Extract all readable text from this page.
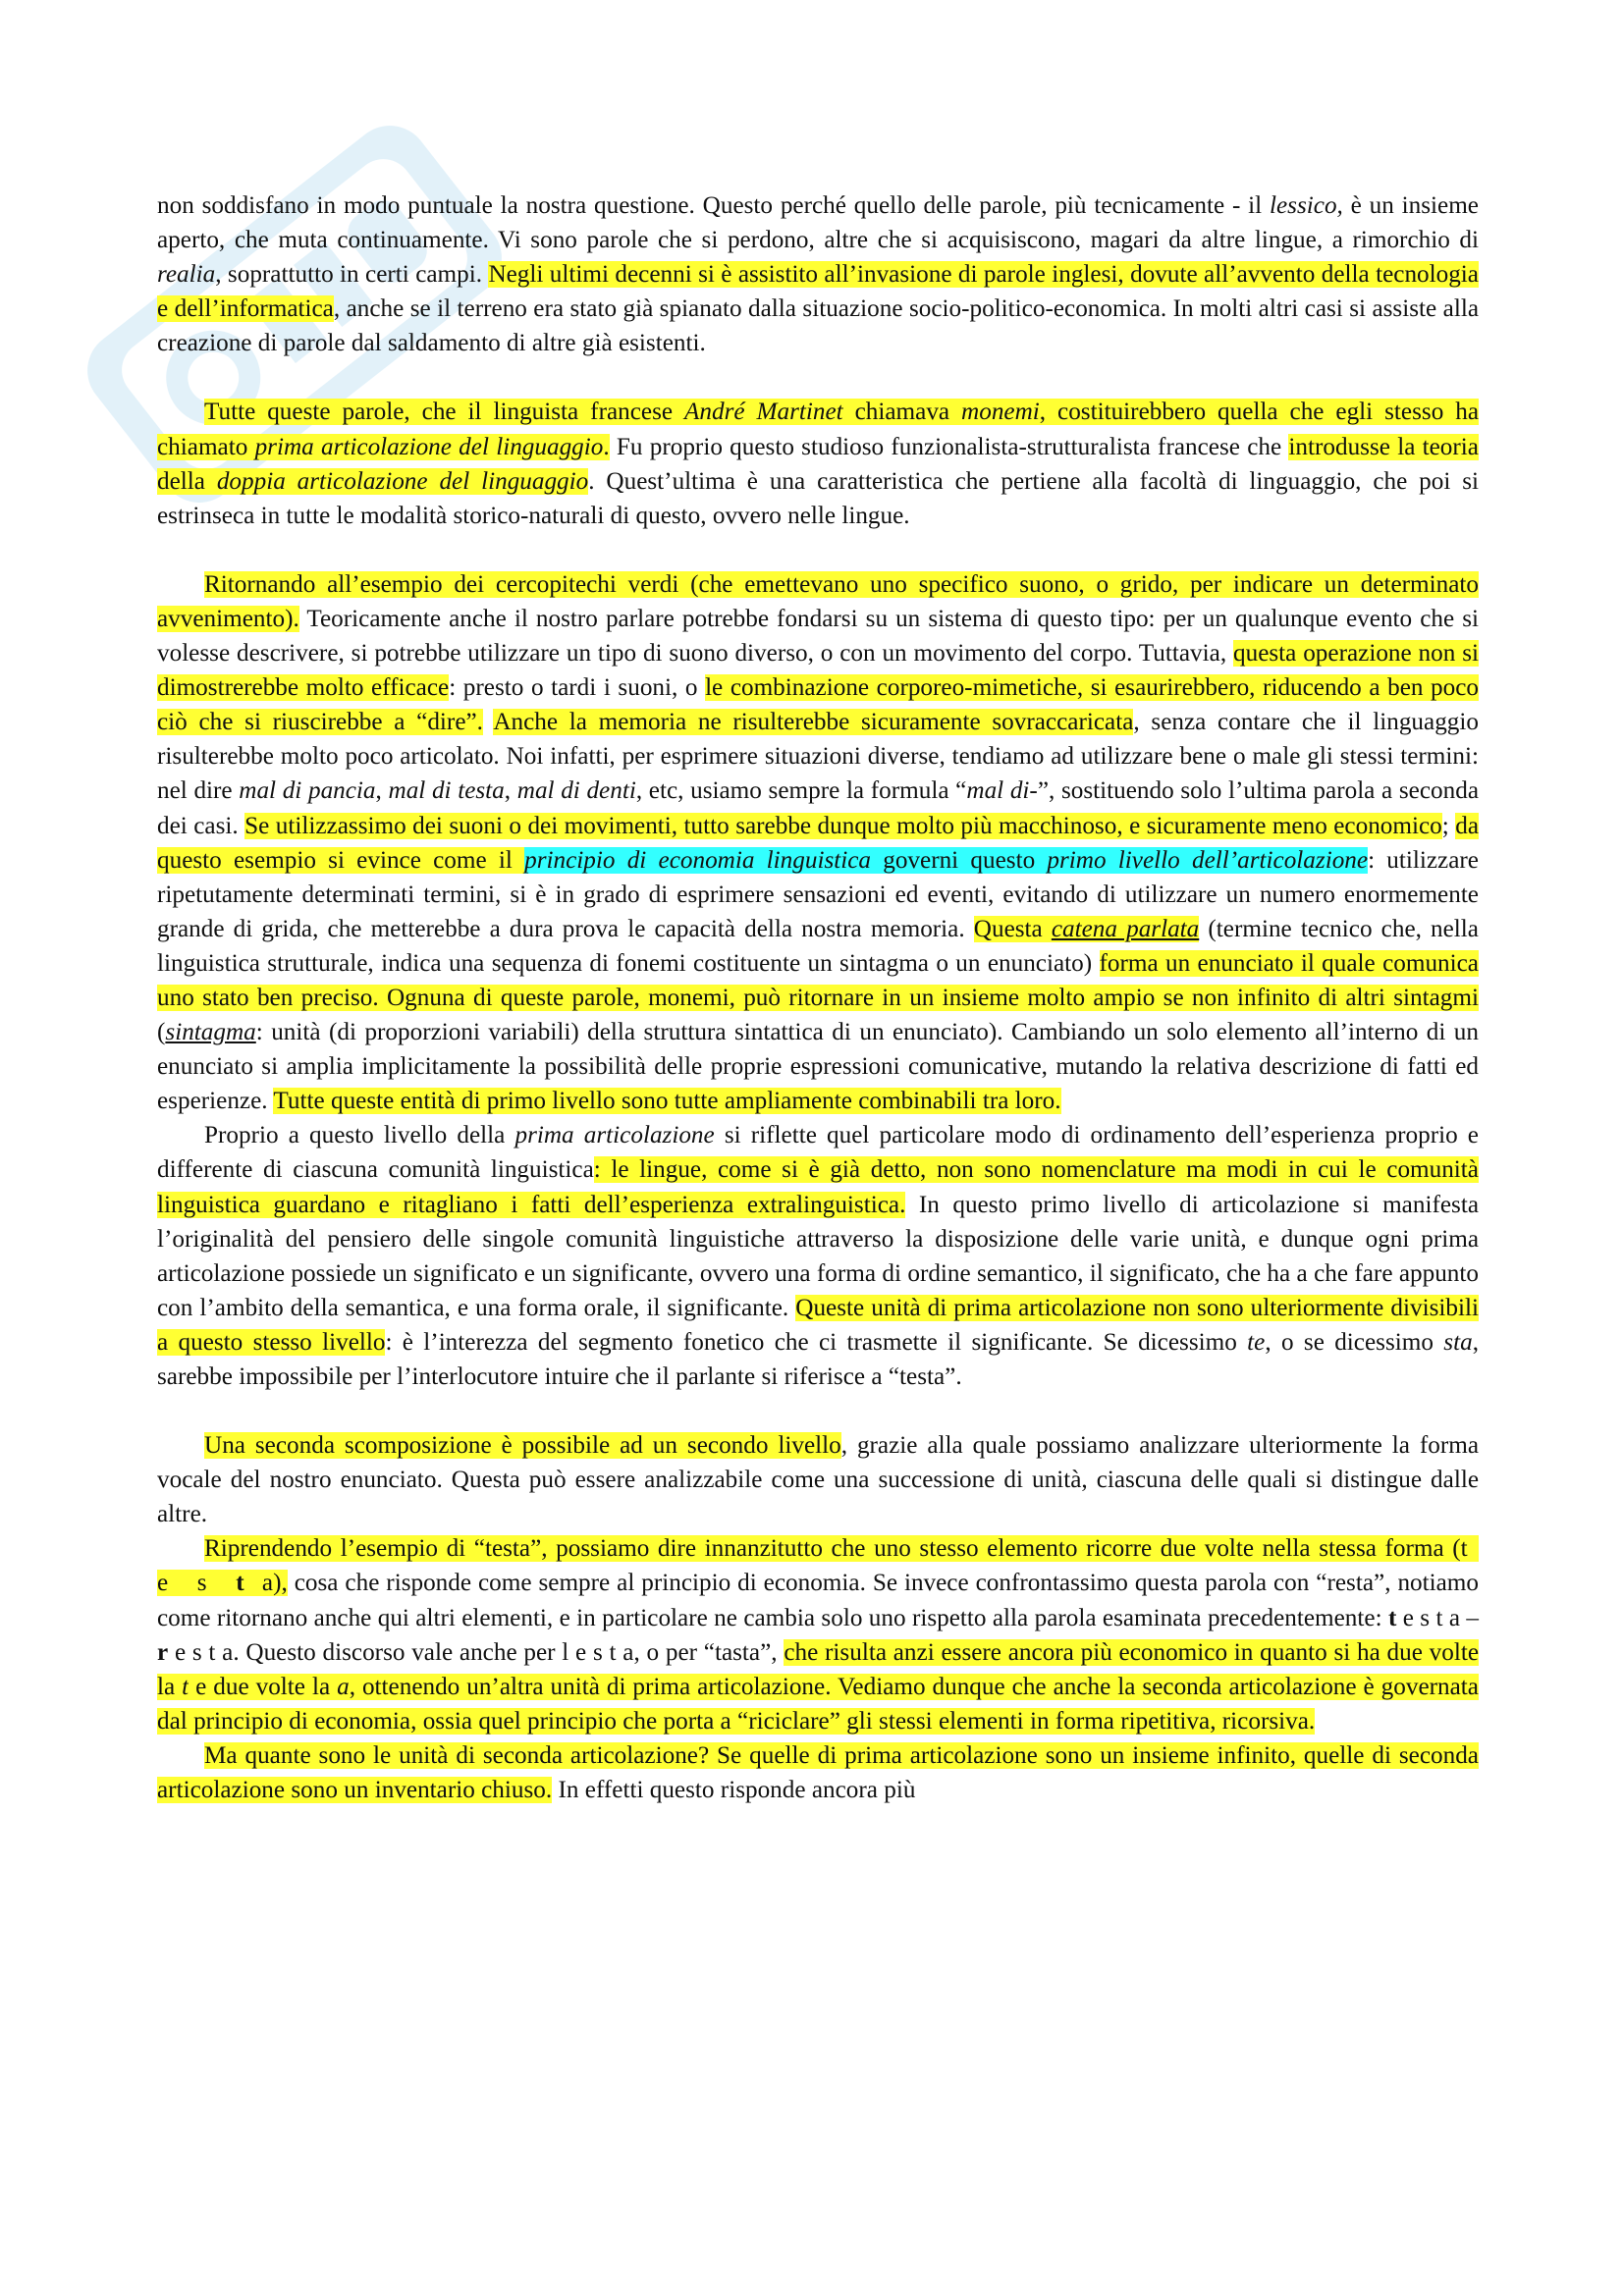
non soddisfano in modo puntuale la nostra questione. Questo perché quello delle parole, più tecnicamente - il lessico, è un insieme aperto, che muta continuamente. Vi sono parole che si perdono, altre che si acquisiscono, magari da altre lingue, a rimorchio di realia, soprattutto in certi campi. Negli ultimi decenni si è assistito all’invasione di parole inglesi, dovute all’avvento della tecnologia e dell’informatica, anche se il terreno era stato già spianato dalla situazione socio-politico-economica. In molti altri casi si assiste alla creazione di parole dal saldamento di altre già esistenti.

Tutte queste parole, che il linguista francese André Martinet chiamava monemi, costituirebbero quella che egli stesso ha chiamato prima articolazione del linguaggio. Fu proprio questo studioso funzionalista-strutturalista francese che introdusse la teoria della doppia articolazione del linguaggio. Quest’ultima è una caratteristica che pertiene alla facoltà di linguaggio, che poi si estrinseca in tutte le modalità storico-naturali di questo, ovvero nelle lingue.

Ritornando all’esempio dei cercopitechi verdi (che emettevano uno specifico suono, o grido, per indicare un determinato avvenimento). Teoricamente anche il nostro parlare potrebbe fondarsi su un sistema di questo tipo: per un qualunque evento che si volesse descrivere, si potrebbe utilizzare un tipo di suono diverso, o con un movimento del corpo. Tuttavia, questa operazione non si dimostrerebbe molto efficace: presto o tardi i suoni, o le combinazione corporeo-mimetiche, si esaurirebbero, riducendo a ben poco ciò che si riuscirebbe a “dire”. Anche la memoria ne risulterebbe sicuramente sovraccaricata, senza contare che il linguaggio risulterebbe molto poco articolato. Noi infatti, per esprimere situazioni diverse, tendiamo ad utilizzare bene o male gli stessi termini: nel dire mal di pancia, mal di testa, mal di denti, etc, usiamo sempre la formula “mal di-”, sostituendo solo l’ultima parola a seconda dei casi. Se utilizzassimo dei suoni o dei movimenti, tutto sarebbe dunque molto più macchinoso, e sicuramente meno economico; da questo esempio si evince come il principio di economia linguistica governi questo primo livello dell’articolazione: utilizzare ripetutamente determinati termini, si è in grado di esprimere sensazioni ed eventi, evitando di utilizzare un numero enormemente grande di grida, che metterebbe a dura prova le capacità della nostra memoria. Questa catena parlata (termine tecnico che, nella linguistica strutturale, indica una sequenza di fonemi costituente un sintagma o un enunciato) forma un enunciato il quale comunica uno stato ben preciso. Ognuna di queste parole, monemi, può ritornare in un insieme molto ampio se non infinito di altri sintagmi (sintagma: unità (di proporzioni variabili) della struttura sintattica di un enunciato). Cambiando un solo elemento all’interno di un enunciato si amplia implicitamente la possibilità delle proprie espressioni comunicative, mutando la relativa descrizione di fatti ed esperienze. Tutte queste entità di primo livello sono tutte ampliamente combinabili tra loro.

Proprio a questo livello della prima articolazione si riflette quel particolare modo di ordinamento dell’esperienza proprio e differente di ciascuna comunità linguistica: le lingue, come si è già detto, non sono nomenclature ma modi in cui le comunità linguistica guardano e ritagliano i fatti dell’esperienza extralinguistica. In questo primo livello di articolazione si manifesta l’originalità del pensiero delle singole comunità linguistiche attraverso la disposizione delle varie unità, e dunque ogni prima articolazione possiede un significato e un significante, ovvero una forma di ordine semantico, il significato, che ha a che fare appunto con l’ambito della semantica, e una forma orale, il significante. Queste unità di prima articolazione non sono ulteriormente divisibili a questo stesso livello: è l’interezza del segmento fonetico che ci trasmette il significante. Se dicessimo te, o se dicessimo sta, sarebbe impossibile per l’interlocutore intuire che il parlante si riferisce a “testa”.

Una seconda scomposizione è possibile ad un secondo livello, grazie alla quale possiamo analizzare ulteriormente la forma vocale del nostro enunciato. Questa può essere analizzabile come una successione di unità, ciascuna delle quali si distingue dalle altre.

Riprendendo l’esempio di “testa”, possiamo dire innanzitutto che uno stesso elemento ricorre due volte nella stessa forma (t e s t a), cosa che risponde come sempre al principio di economia. Se invece confrontassimo questa parola con “resta”, notiamo come ritornano anche qui altri elementi, e in particolare ne cambia solo uno rispetto alla parola esaminata precedentemente: t e s t a – r e s t a. Questo discorso vale anche per l e s t a, o per “tasta”, che risulta anzi essere ancora più economico in quanto si ha due volte la t e due volte la a, ottenendo un’altra unità di prima articolazione. Vediamo dunque che anche la seconda articolazione è governata dal principio di economia, ossia quel principio che porta a “riciclare” gli stessi elementi in forma ripetitiva, ricorsiva.

Ma quante sono le unità di seconda articolazione? Se quelle di prima articolazione sono un insieme infinito, quelle di seconda articolazione sono un inventario chiuso. In effetti questo risponde ancora più
